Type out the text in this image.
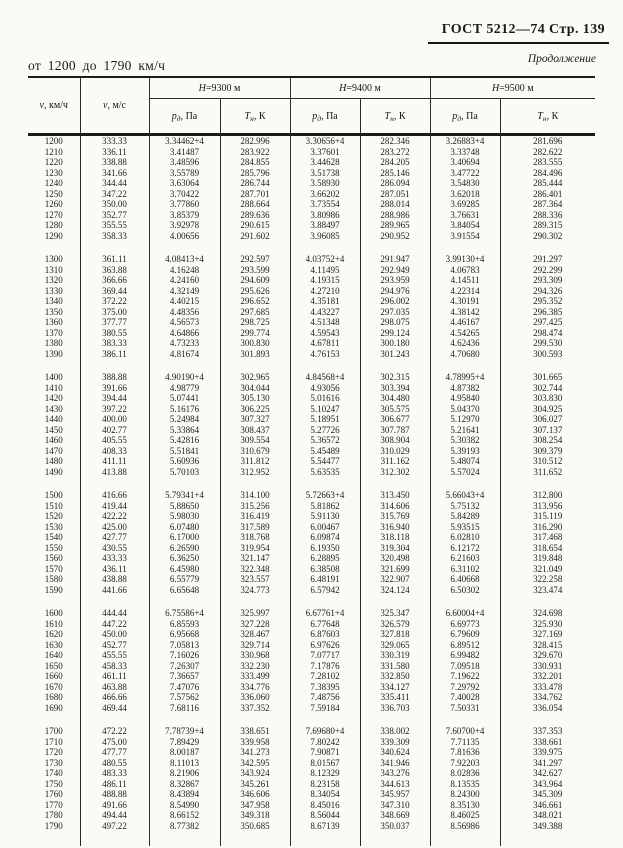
ГОСТ 5212—74 Стр. 139
Продолжение
от 1200 до 1790 км/ч
v, км/ч	v, м/с	H=9300 м		H=9400 м		H=9500 м	
		$p_д$, Па	$T_н$, К	$p_д$, Па	$T_н$, К	$p_д$, Па	$T_н$, К
1200	333.33	3.34462+4	282.996	3.30656+4	282.346	3.26883+4	281.696
1210	336.11	3.41487	283.922	3.37601	283.272	3.33748	282.622
1220	338.88	3.48596	284.855	3.44628	284.205	3.40694	283.555
1230	341.66	3.55789	285.796	3.51738	285.146	3.47722	284.496
1240	344.44	3.63064	286.744	3.58930	286.094	3.54830	285.444
1250	347.22	3.70422	287.701	3.66202	287.051	3.62018	286.401
1260	350.00	3.77860	288.664	3.73554	288.014	3.69285	287.364
1270	352.77	3.85379	289.636	3.80986	288.986	3.76631	288.336
1280	355.55	3.92978	290.615	3.88497	289.965	3.84054	289.315
1290	358.33	4.00656	291.602	3.96085	290.952	3.91554	290.302

1300	361.11	4.08413+4	292.597	4.03752+4	291.947	3.99130+4	291.297
1310	363.88	4.16248	293.599	4.11495	292.949	4.06783	292.299
1320	366.66	4.24160	294.609	4.19315	293.959	4.14511	293.309
1330	369.44	4.32149	295.626	4.27210	294.976	4.22314	294.326
1340	372.22	4.40215	296.652	4.35181	296.002	4.30191	295.352
1350	375.00	4.48356	297.685	4.43227	297.035	4.38142	296.385
1360	377.77	4.56573	298.725	4.51348	298.075	4.46167	297.425
1370	380.55	4.64866	299.774	4.59543	299.124	4.54265	298.474
1380	383.33	4.73233	300.830	4.67811	300.180	4.62436	299.530
1390	386.11	4.81674	301.893	4.76153	301.243	4.70680	300.593

1400	388.88	4.90190+4	302.965	4.84568+4	302.315	4.78995+4	301.665
1410	391.66	4.98779	304.044	4.93056	303.394	4.87382	302.744
1420	394.44	5.07441	305.130	5.01616	304.480	4.95840	303.830
1430	397.22	5.16176	306.225	5.10247	305.575	5.04370	304.925
1440	400.00	5.24984	307.327	5.18951	306.677	5.12970	306.027
1450	402.77	5.33864	308.437	5.27726	307.787	5.21641	307.137
1460	405.55	5.42816	309.554	5.36572	308.904	5.30382	308.254
1470	408.33	5.51841	310.679	5.45489	310.029	5.39193	309.379
1480	411.11	5.60936	311.812	5.54477	311.162	5.48074	310.512
1490	413.88	5.70103	312.952	5.63535	312.302	5.57024	311.652

1500	416.66	5.79341+4	314.100	5.72663+4	313.450	5.66043+4	312.800
1510	419.44	5.88650	315.256	5.81862	314.606	5.75132	313.956
1520	422.22	5.98030	316.419	5.91130	315.769	5.84289	315.119
1530	425.00	6.07480	317.589	6.00467	316.940	5.93515	316.290
1540	427.77	6.17000	318.768	6.09874	318.118	6.02810	317.468
1550	430.55	6.26590	319.954	6.19350	319.304	6.12172	318.654
1560	433.33	6.36250	321.147	6.28895	320.498	6.21603	319.848
1570	436.11	6.45980	322.348	6.38508	321.699	6.31102	321.049
1580	438.88	6.55779	323.557	6.48191	322.907	6.40668	322.258
1590	441.66	6.65648	324.773	6.57942	324.124	6.50302	323.474

1600	444.44	6.75586+4	325.997	6.67761+4	325.347	6.60004+4	324.698
1610	447.22	6.85593	327.228	6.77648	326.579	6.69773	325.930
1620	450.00	6.95668	328.467	6.87603	327.818	6.79609	327.169
1630	452.77	7.05813	329.714	6.97626	329.065	6.89512	328.415
1640	455.55	7.16026	330.968	7.07717	330.319	6.99482	329.670
1650	458.33	7.26307	332.230	7.17876	331.580	7.09518	330.931
1660	461.11	7.36657	333.499	7.28102	332.850	7.19622	332.201
1670	463.88	7.47076	334.776	7.38395	334.127	7.29792	333.478
1680	466.66	7.57562	336.060	7.48756	335.411	7.40028	334.762
1690	469.44	7.68116	337.352	7.59184	336.703	7.50331	336.054

1700	472.22	7.78739+4	338.651	7.69680+4	338.002	7.60700+4	337.353
1710	475.00	7.89429	339.958	7.80242	339.309	7.71135	338.661
1720	477.77	8.00187	341.273	7.90871	340.624	7.81636	339.975
1730	480.55	8.11013	342.595	8.01567	341.946	7.92203	341.297
1740	483.33	8.21906	343.924	8.12329	343.276	8.02836	342.627
1750	486.11	8.32867	345.261	8.23158	344.613	8.13535	343.964
1760	488.88	8.43894	346.606	8.34054	345.957	8.24300	345.309
1770	491.66	8.54990	347.958	8.45016	347.310	8.35130	346.661
1780	494.44	8.66152	349.318	8.56044	348.669	8.46025	348.021
1790	497.22	8.77382	350.685	8.67139	350.037	8.56986	349.388
